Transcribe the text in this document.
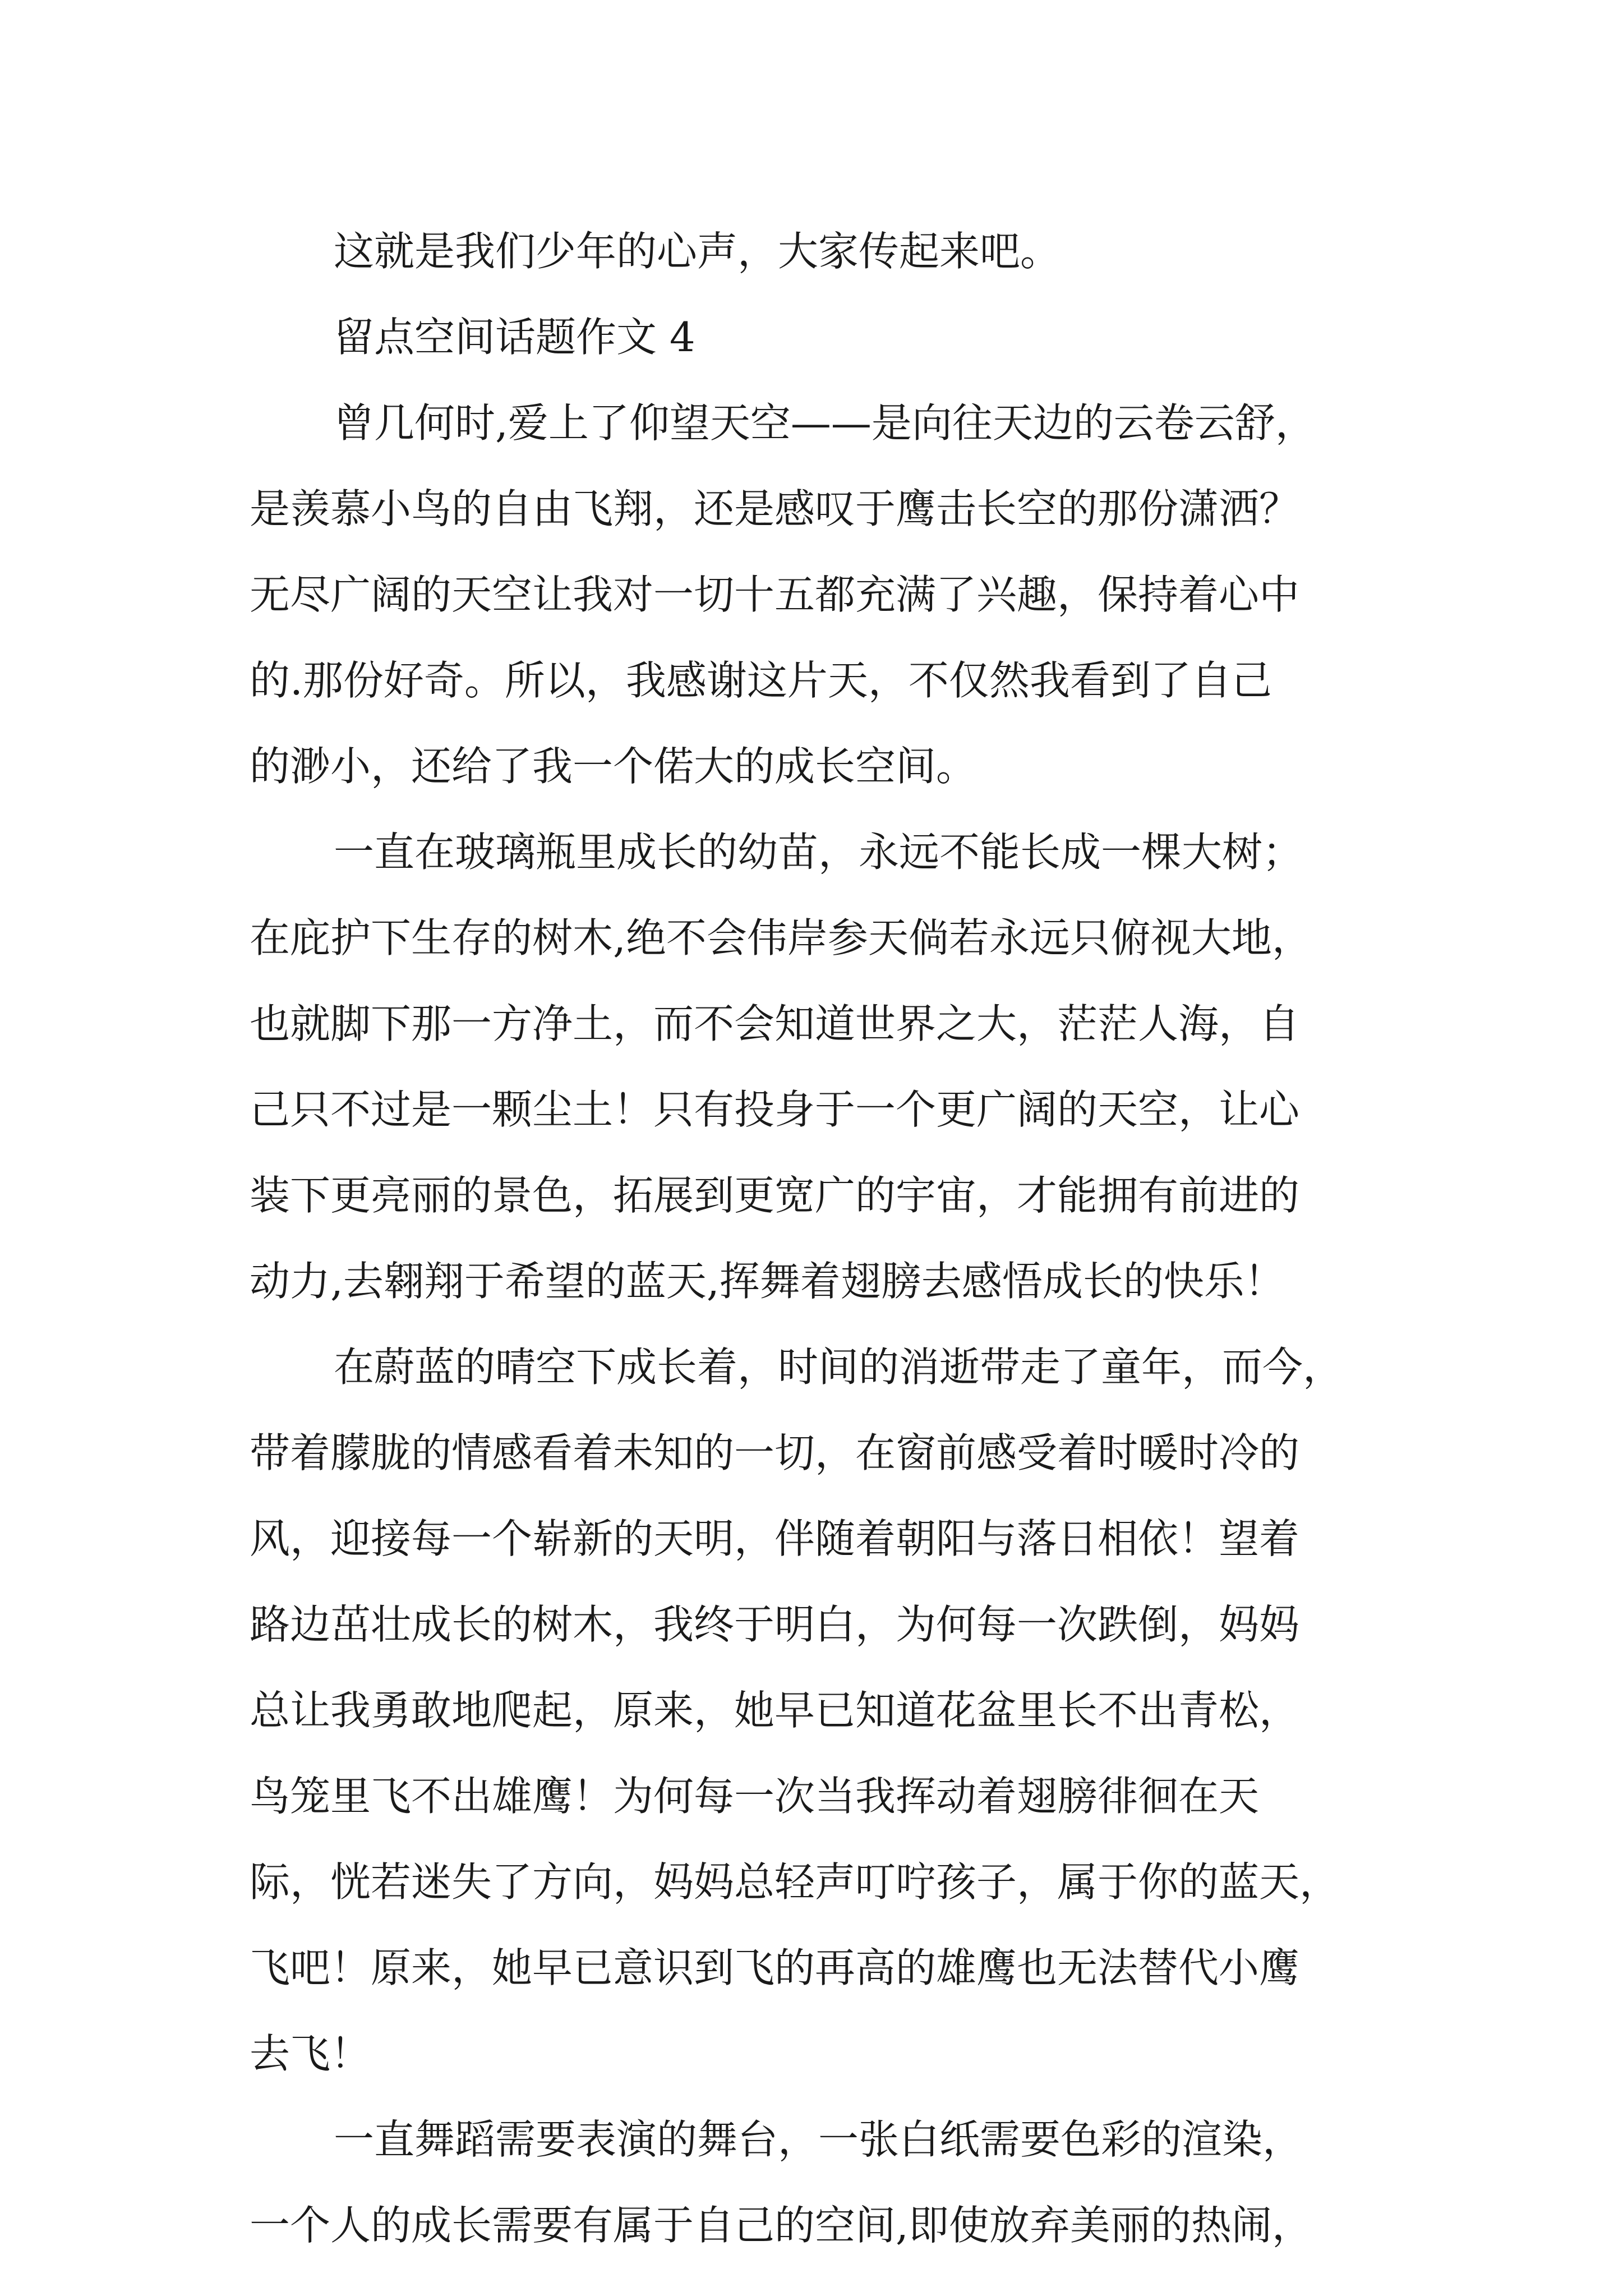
这就是我们少年的心声，大家传起来吧。
留点空间话题作文 4
曾几何时,爱上了仰望天空——是向往天边的云卷云舒，
是羡慕小鸟的自由飞翔，还是感叹于鹰击长空的那份潇洒？
无尽广阔的天空让我对一切十五都充满了兴趣，保持着心中
的.那份好奇。所以，我感谢这片天，不仅然我看到了自己
的渺小，还给了我一个偌大的成长空间。
一直在玻璃瓶里成长的幼苗，永远不能长成一棵大树；
在庇护下生存的树木,绝不会伟岸参天倘若永远只俯视大地，
也就脚下那一方净土，而不会知道世界之大，茫茫人海，自
己只不过是一颗尘土！只有投身于一个更广阔的天空，让心
装下更亮丽的景色，拓展到更宽广的宇宙，才能拥有前进的
动力,去翱翔于希望的蓝天,挥舞着翅膀去感悟成长的快乐！
在蔚蓝的晴空下成长着，时间的消逝带走了童年，而今，
带着朦胧的情感看着未知的一切，在窗前感受着时暖时冷的
风，迎接每一个崭新的天明，伴随着朝阳与落日相依！望着
路边茁壮成长的树木，我终于明白，为何每一次跌倒，妈妈
总让我勇敢地爬起，原来，她早已知道花盆里长不出青松，
鸟笼里飞不出雄鹰！为何每一次当我挥动着翅膀徘徊在天
际，恍若迷失了方向，妈妈总轻声叮咛孩子，属于你的蓝天，
飞吧！原来，她早已意识到飞的再高的雄鹰也无法替代小鹰
去飞！
一直舞蹈需要表演的舞台，一张白纸需要色彩的渲染，
一个人的成长需要有属于自己的空间,即使放弃美丽的热闹，
